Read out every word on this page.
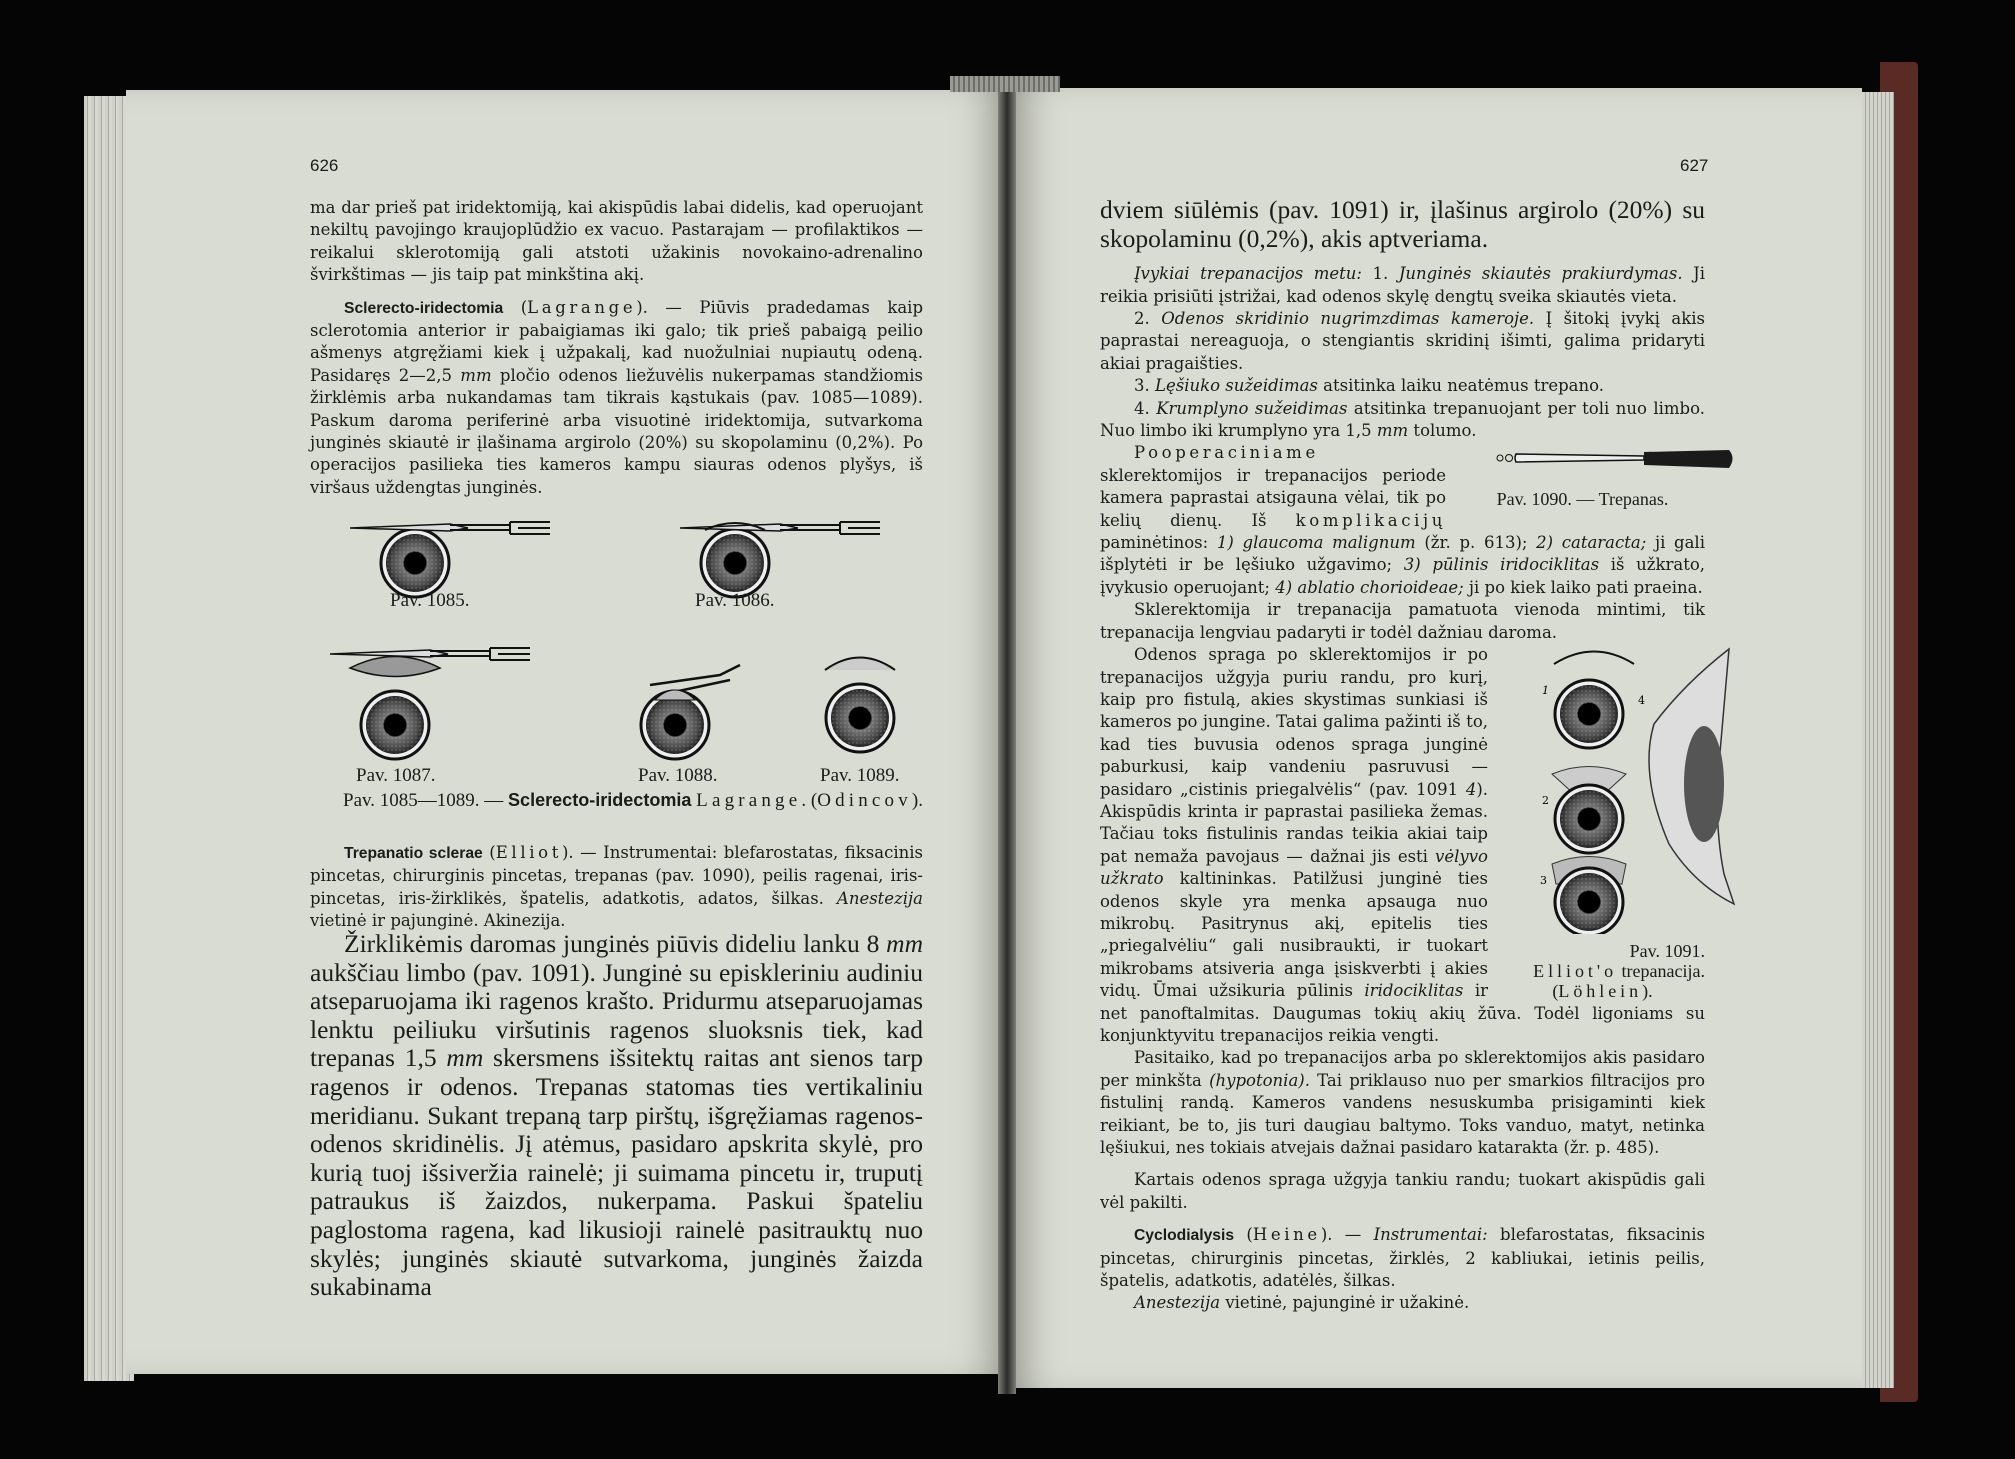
626

ma dar prieš pat iridektomiją, kai akispūdis labai didelis, kad operuojant nekiltų pavojingo kraujoplūdžio ex vacuo. Pastarajam — profilaktikos — reikalui sklerotomiją gali atstoti užakinis novokaino-adrenalino švirkštimas — jis taip pat minkština akį.

Sclerecto-iridectomia (Lagrange). — Piūvis pradedamas kaip sclerotomia anterior ir pabaigiamas iki galo; tik prieš pabaigą peilio ašmenys atgręžiami kiek į užpakalį, kad nuožulniai nupiautų odeną. Pasidaręs 2—2,5 mm pločio odenos liežuvėlis nukerpamas standžiomis žirklėmis arba nukandamas tam tikrais kąstukais (pav. 1085—1089). Paskum daroma periferinė arba visuotinė iridektomija, sutvarkoma junginės skiautė ir įlašinama argirolo (20%) su skopolaminu (0,2%). Po operacijos pasilieka ties kameros kampu siauras odenos plyšys, iš viršaus uždengtas junginės.

Pav. 1085.	Pav. 1086.
Pav. 1087.	Pav. 1088.	Pav. 1089.
Pav. 1085—1089. — Sclerecto-iridectomia Lagrange. (Odincov).

Trepanatio sclerae (Elliot). — Instrumentai: blefarostatas, fiksacinis pincetas, chirurginis pincetas, trepanas (pav. 1090), peilis ragenai, iris-pincetas, iris-žirklikės, špatelis, adatkotis, adatos, šilkas. Anestezija vietinė ir pajunginė. Akinezija.

Žirklikėmis daromas junginės piūvis dideliu lanku 8 mm aukščiau limbo (pav. 1091). Junginė su episkleriniu audiniu atseparuojama iki ragenos krašto. Pridurmu atseparuojamas lenktu peiliuku viršutinis ragenos sluoksnis tiek, kad trepanas 1,5 mm skersmens išsitektų raitas ant sienos tarp ragenos ir odenos. Trepanas statomas ties vertikaliniu meridianu. Sukant trepaną tarp pirštų, išgręžiamas ragenos-odenos skridinėlis. Jį atėmus, pasidaro apskrita skylė, pro kurią tuoj išsiveržia rainelė; ji suimama pincetu ir, truputį patraukus iš žaizdos, nukerpama. Paskui špateliu paglostoma ragena, kad likusioji rainelė pasitrauktų nuo skylės; junginės skiautė sutvarkoma, junginės žaizda sukabinama

627

dviem siūlėmis (pav. 1091) ir, įlašinus argirolo (20%) su skopolaminu (0,2%), akis aptveriama.

Įvykiai trepanacijos metu: 1. Junginės skiautės prakiurdymas. Ji reikia prisiūti įstrižai, kad odenos skylę dengtų sveika skiautės vieta.

2. Odenos skridinio nugrimzdimas kameroje. Į šitokį įvykį akis paprastai nereaguoja, o stengiantis skridinį išimti, galima pridaryti akiai pragaišties.

3. Lęšiuko sužeidimas atsitinka laiku neatėmus trepano.

4. Krumplyno sužeidimas atsitinka trepanuojant per toli nuo limbo. Nuo limbo iki krumplyno yra 1,5 mm tolumo.

Pav. 1090. — Trepanas.
Pooperaciniame sklerektomijos ir trepanacijos periode kamera paprastai atsigauna vėlai, tik po kelių dienų. Iš komplikacijų paminėtinos: 1) glaucoma malignum (žr. p. 613); 2) cataracta; ji gali išplytėti ir be lęšiuko užgavimo; 3) pūlinis iridociklitas iš užkrato, įvykusio operuojant; 4) ablatio chorioideae; ji po kiek laiko pati praeina.

Sklerektomija ir trepanacija pamatuota vienoda mintimi, tik trepanacija lengviau padaryti ir todėl dažniau daroma.

1
2
3
4
Pav. 1091.
Elliot'o trepanacija.
(Löhlein).
Odenos spraga po sklerektomijos ir po trepanacijos užgyja puriu randu, pro kurį, kaip pro fistulą, akies skystimas sunkiasi iš kameros po jungine. Tatai galima pažinti iš to, kad ties buvusia odenos spraga junginė paburkusi, kaip vandeniu pasruvusi — pasidaro „cistinis priegalvėlis“ (pav. 1091 4). Akispūdis krinta ir paprastai pasilieka žemas. Tačiau toks fistulinis randas teikia akiai taip pat nemaža pavojaus — dažnai jis esti vėlyvo užkrato kaltininkas. Patilžusi junginė ties odenos skyle yra menka apsauga nuo mikrobų. Pasitrynus akį, epitelis ties „priegalvėliu“ gali nusibraukti, ir tuokart mikrobams atsiveria anga įsiskverbti į akies vidų. Ūmai užsikuria pūlinis iridociklitas ir net panoftalmitas. Daugumas tokių akių žūva. Todėl ligoniams su konjunktyvitu trepanacijos reikia vengti.

Pasitaiko, kad po trepanacijos arba po sklerektomijos akis pasidaro per minkšta (hypotonia). Tai priklauso nuo per smarkios filtracijos pro fistulinį randą. Kameros vandens nesuskumba prisigaminti kiek reikiant, be to, jis turi daugiau baltymo. Toks vanduo, matyt, netinka lęšiukui, nes tokiais atvejais dažnai pasidaro katarakta (žr. p. 485).

Kartais odenos spraga užgyja tankiu randu; tuokart akispūdis gali vėl pakilti.

Cyclodialysis (Heine). — Instrumentai: blefarostatas, fiksacinis pincetas, chirurginis pincetas, žirklės, 2 kabliukai, ietinis peilis, špatelis, adatkotis, adatėlės, šilkas.

Anestezija vietinė, pajunginė ir užakinė.
